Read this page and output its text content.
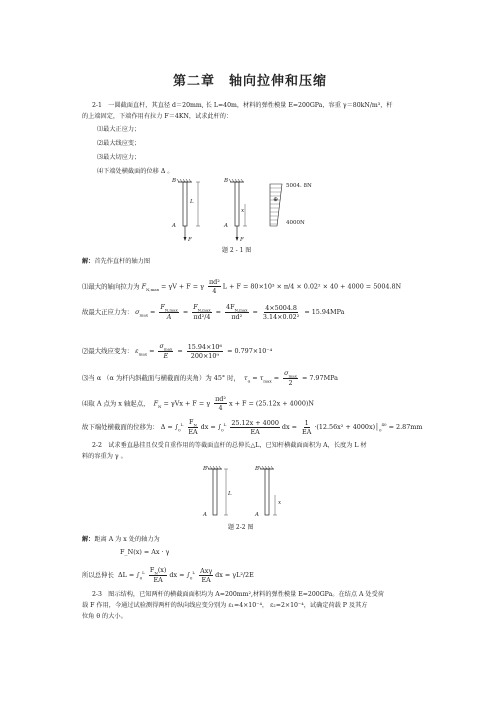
第二章　轴向拉伸和压缩
2-1　一圆截面直杆，其直径 d＝20mm, 长 L=40m，材料的弹性模量 E=200GPa，容重 γ＝80kN/m³，杆
的上端固定，下端作用有拉力 F＝4KN，试求此杆的：
⑴最大正应力；
⑵最大线应变；
⑶最大切应力；
⑷下端处横截面的位移 Δ 。
B
L
A
F
B
x
A
F
5004. 8N
⊕
4000N
题 2 - 1 图
解：首先作直杆的轴力图
⑴最大的轴向拉力为 $F_{N,max} = \gamma V + F = \gamma \frac{\text{πd²}}{4}$ L + F = 80×10³ × π/4 × 0.02² × 40 + 4000 = 5004.8N
故最大正应力为： $\sigma_{max} = \frac{F_{N,max}}{A} = \frac{F_{N,max}}{\text{πd²/4}} = \frac{4F_{N,max}}{\text{πd²}} = \frac{4\times 5004.8}{\text{3.14×0.02²}} = 15.94MPa$
⑵最大线应变为： $\varepsilon_{max} = \frac{\sigma_{max}}{E} = \frac{\text{15.94×10⁶}}{\text{200×10⁹}} = 0.797\times 10^{-4}$
⑶当 α （α 为杆内斜截面与横截面的夹角）为 45° 时， $\tau_\alpha = \tau_{max} = \frac{\sigma_{max}}{2} = 7.97MPa$
⑷取 A 点为 x 轴起点， $F_N = \gamma Vx + F = \gamma \frac{\text{πd²}}{4}$ x + F = (25.12x + 4000)N
故下端处横截面的位移为： $\Delta = \int_0^L \frac{F_N}{EA}$ dx = $\int_0^L \frac{25.12x + 4000}{EA}$ dx = $\frac{1}{EA} \cdot(12.56x^2$ + $4000x)│_0^{40} = 2.87mm$
2-2　试求垂直悬挂且仅受自重作用的等截面直杆的总伸长△L，已知杆横截面面积为 A，长度为 L 材
料的容重为 γ 。
B
L
A
B
x
A
题 2-2 图
解：距离 A 为 x 处的轴力为
F_N(x) = Ax · γ
所以总伸长  $\Delta L = \int_0^L \frac{F_N(x)}{EA}$ dx = $\int_0^L \frac{\text{Axγ}}{EA}$ dx = γL²/2E
2-3　图示结构，已知两杆的横截面面积均为 A=200mm²,材料的弹性模量 E=200GPa。在结点 A 处受荷
载 F 作用，今通过试验测得两杆的纵向线应变分别为 ε₁=4×10⁻⁴， ε₂=2×10⁻⁴，试确定荷载 P 及其方
位角 θ 的大小。
